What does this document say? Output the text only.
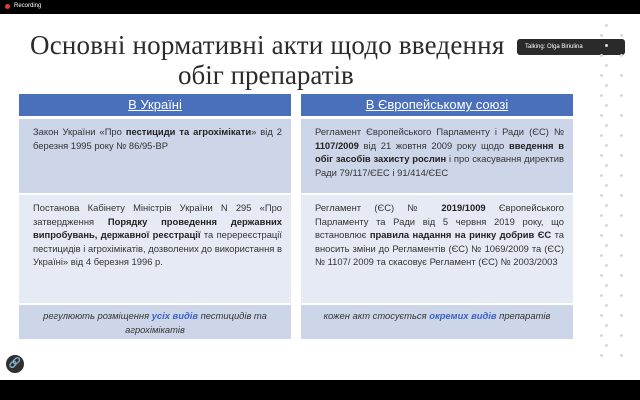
Recording
Основні нормативні акти щодо введення
обіг препаратів
Talking: Olga Biriulina
В Україні
Закон України «Про пестициди та агрохімікати» від 2 березня 1995 року № 86/95-ВР
Постанова Кабінету Міністрів України N 295 «Про затвердження Порядку проведення державних випробувань, державної реєстрації та перереєстрації пестицидів і агрохімікатів, дозволених до використання в Україні» від 4 березня 1996 р.
регулюють розміщення усіх видів пестицидів та агрохімікатів
В Європейському союзі
Регламент Європейського Парламенту і Ради (ЄС) № 1107/2009 від 21 жовтня 2009 року щодо введення в обіг засобів захисту рослин і про скасування директив Ради 79/117/ЄЕС і 91/414/ЄЕС
Регламент (ЄС) № 2019/1009 Європейського Парламенту та Ради від 5 червня 2019 року, що встановлює правила надання на ринку добрив ЄС та вносить зміни до Регламентів (ЄС) № 1069/2009 та (ЄС) № 1107/ 2009 та скасовує Регламент (ЄС) № 2003/2003
кожен акт стосується окремих видів препаратів
🔗
